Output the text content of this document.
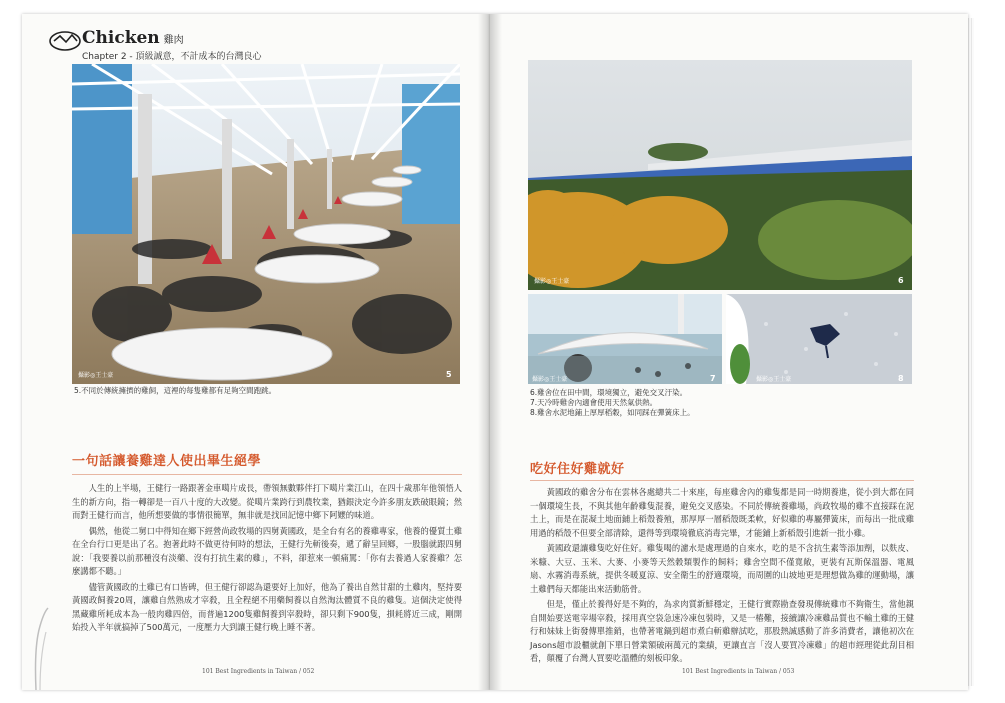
Chicken 雞肉
Chapter 2 - 頂級誠意，不計成本的台灣良心
攝影◎王士豪	5
5.不同於傳統擁擠的雞飼，這裡的每隻雞都有足夠空間跑跳。
一句話讓養雞達人使出畢生絕學

人生的上半場，王健行一路跟著金車噶片成長，帶領無數夥伴打下噶片業江山，在四十歲那年他領悟人生的新方向，指一轉卻是一百八十度的大改變。從噶片業跨行到農牧業，猶銀決定今許多朋友跌破眼鏡；然而對王健行而言，他所想要做的事情很簡單，無非就是找回記憶中鄉下阿嬤的味道。

偶然，他從二舅口中得知在鄉下經營尚政牧場的四舅黃國政，是全台有名的養雞專家，他養的優質土雞在全台行口更是出了名。抱著此時不做更待何時的想法，王健行先斬後奏，遞了辭呈回鄉，一股腦就跟四舅說：「我要養以前那種沒有淡藥、沒有打抗生素的雞」，不料，卻惹來一頓痛罵：「你有去養過人家養雞？怎麼講都不聽。」

儘管黃國政的土雞已有口皆碑，但王健行卻認為還要好上加好，他為了養出自然甘甜的土雞肉，堅持要黃國政飼養20周，讓雞自然熟成才宰殺，且全程絕不用藥飼養以自然淘汰體質不良的雞隻。這個決定使得黑藏雞所耗成本為一般肉雞四倍，而普遍1200隻雞飼養到宰殺時，卻只剩下900隻，損耗將近三成，剛開始投入半年就搞掉了500萬元，一度壓力大到讓王健行晚上睡不著。

101 Best Ingredients in Taiwan / 052
攝影◎王士豪	6
攝影◎王士豪	7	攝影◎王士豪	8
6.雞舍位在田中間，環境獨立，避免交叉汙染。
7.天冷時雞舍內適會使用天然氣供熱。
8.雞舍水泥地鋪上厚厚稻穀，如同踩在彈簧床上。
吃好住好雞就好

黃國政的雞舍分布在雲林各處總共二十來座，每座雞舍內的雞隻都是同一時期養進，從小到大都在同一個環境生長，不與其他年齡雞隻混養，避免交叉感染。不同於傳統養雞場，尚政牧場的雞不直接踩在泥土上，而是在混凝土地面鋪上稻殼養殖，那厚厚一層稻殼既柔軟，好似雞的專屬彈簧床，而每出一批成雞用過的稻殼不但要全部清除，還得等到環境徹底消毒完畢，才能鋪上新稻殼引進新一批小雞。

黃國政還讓雞隻吃好住好。雞隻喝的濾水是處理過的自來水，吃的是不含抗生素等添加劑，以麩皮、米糠、大豆、玉米、大麥、小麥等天然穀類製作的飼料；雞舍空間不僅寬敞，更裝有瓦斯保溫器、電風扇、水霧消毒系統，提供冬暖夏涼、安全衛生的舒適環境，而周圍的山坡地更是理想做為雞的運動場，讓土雞們每天都能出來活動筋骨。

但是，僅止於養得好是不夠的，為求肉質新鮮穩定，王健行實際勘查發現傳統雞市不夠衛生，當他親自開始要送電宰場宰殺，採用真空袋急速冷凍包裝時，又是一樁難，接續讓冷凍雞品質也不輸土雞的王健行和妹妹上街發傳單推銷，也帶著電鍋到超市煮白斬雞辦試吃，那股熱誠感動了許多消費者，讓他初次在Jasons超市設櫃就創下單日營業額破兩萬元的業績，更讓直言「沒人要買冷凍雞」的超市經理從此刮目相看，顛覆了台灣人買要吃溫體的刻板印象。

101 Best Ingredients in Taiwan / 053
